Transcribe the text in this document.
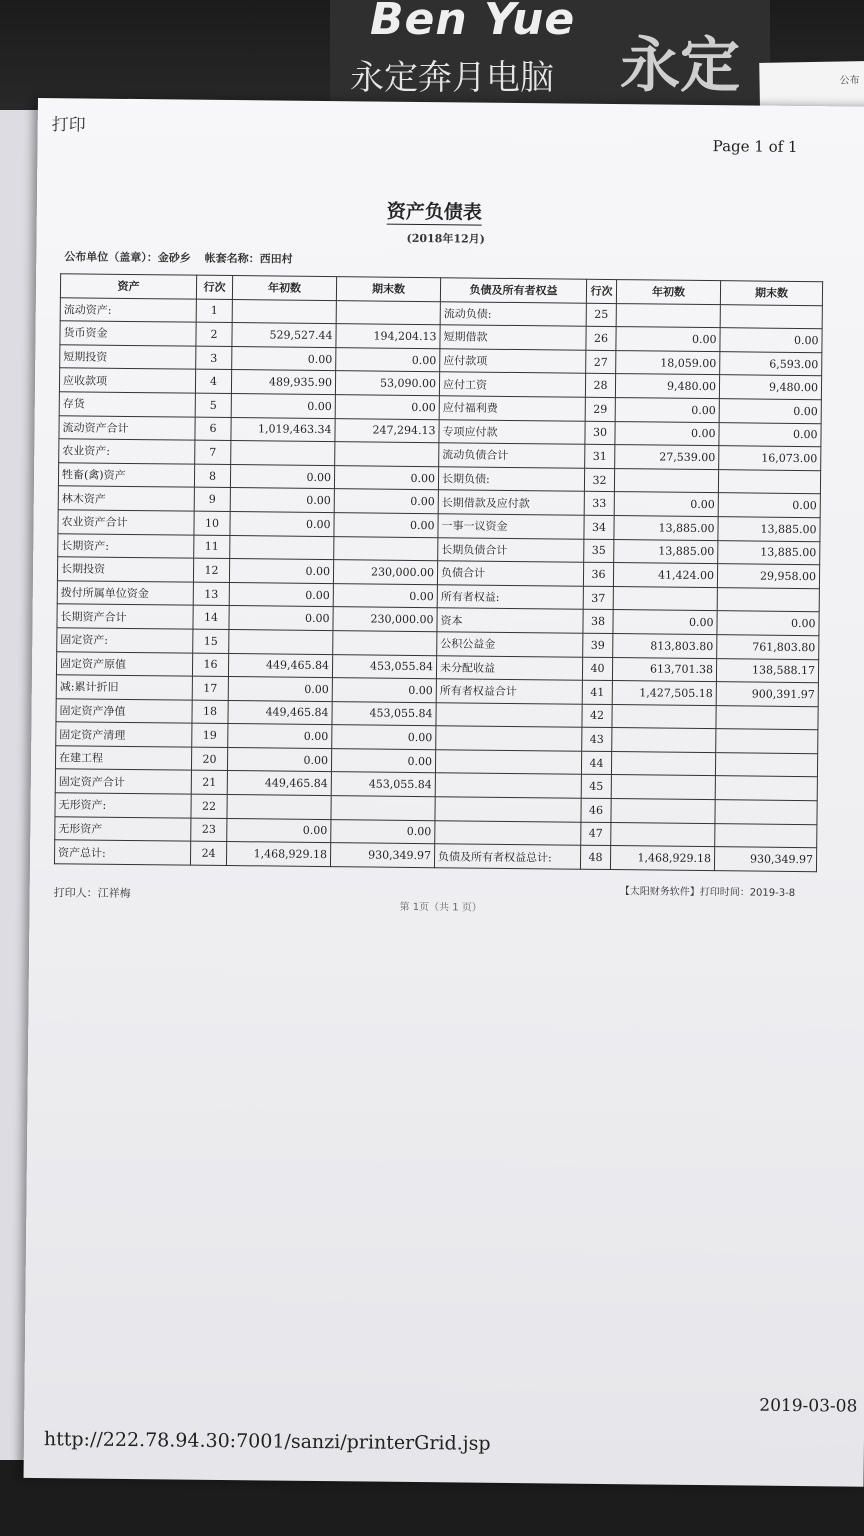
Ben Yue
永定奔月电脑 永定	公布
打印
Page 1 of 1
资产负债表
(2018年12月)
公布单位（盖章）：金砂乡 帐套名称：西田村
资产	行次	年初数	期末数	负债及所有者权益	行次	年初数	期末数
流动资产:	1			流动负债:	25		
货币资金	2	529,527.44	194,204.13	短期借款	26	0.00	0.00
短期投资	3	0.00	0.00	应付款项	27	18,059.00	6,593.00
应收款项	4	489,935.90	53,090.00	应付工资	28	9,480.00	9,480.00
存货	5	0.00	0.00	应付福利费	29	0.00	0.00
流动资产合计	6	1,019,463.34	247,294.13	专项应付款	30	0.00	0.00
农业资产:	7			流动负债合计	31	27,539.00	16,073.00
牲畜(禽)资产	8	0.00	0.00	长期负债:	32		
林木资产	9	0.00	0.00	长期借款及应付款	33	0.00	0.00
农业资产合计	10	0.00	0.00	一事一议资金	34	13,885.00	13,885.00
长期资产:	11			长期负债合计	35	13,885.00	13,885.00
长期投资	12	0.00	230,000.00	负债合计	36	41,424.00	29,958.00
拨付所属单位资金	13	0.00	0.00	所有者权益:	37		
长期资产合计	14	0.00	230,000.00	资本	38	0.00	0.00
固定资产:	15			公积公益金	39	813,803.80	761,803.80
固定资产原值	16	449,465.84	453,055.84	未分配收益	40	613,701.38	138,588.17
减:累计折旧	17	0.00	0.00	所有者权益合计	41	1,427,505.18	900,391.97
固定资产净值	18	449,465.84	453,055.84		42		
固定资产清理	19	0.00	0.00		43		
在建工程	20	0.00	0.00		44		
固定资产合计	21	449,465.84	453,055.84		45		
无形资产:	22				46		
无形资产	23	0.00	0.00		47		
资产总计:	24	1,468,929.18	930,349.97	负债及所有者权益总计:	48	1,468,929.18	930,349.97
打印人：江祥梅
第 1页（共 1 页）
【太阳财务软件】打印时间：2019-3-8
2019-03-08
http://222.78.94.30:7001/sanzi/printerGrid.jsp
